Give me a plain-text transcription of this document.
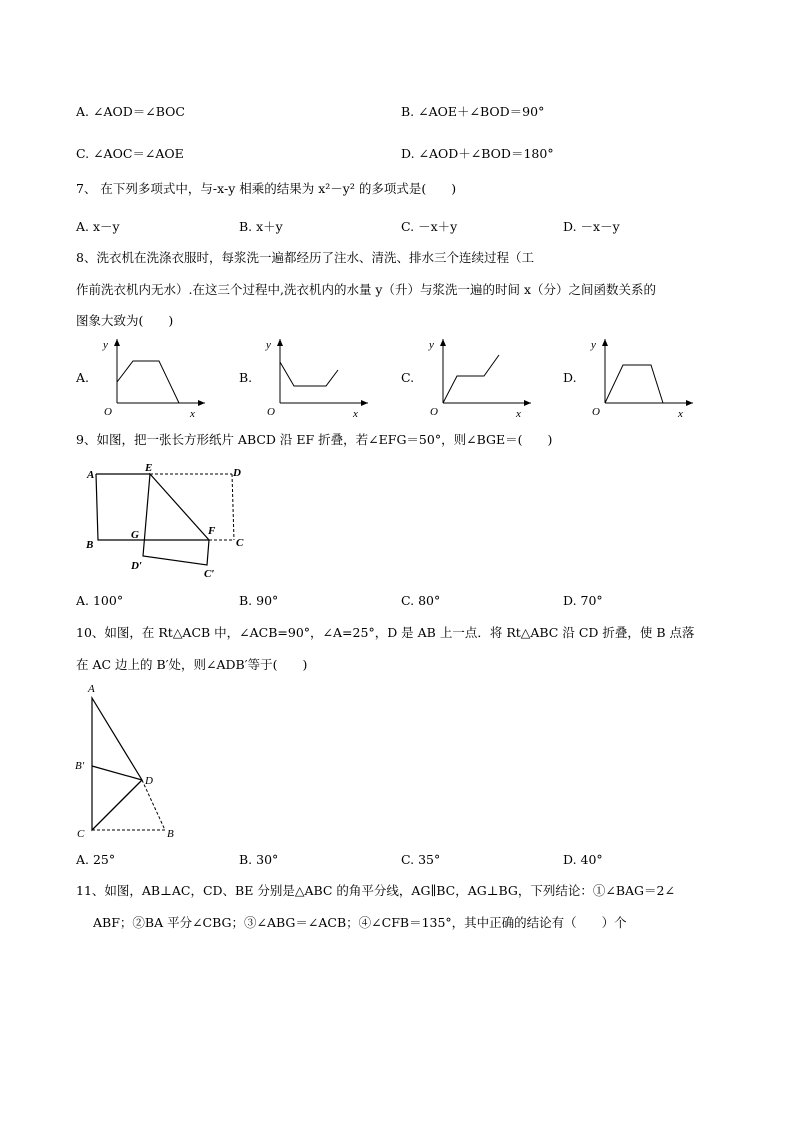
A. ∠AOD＝∠BOC	B. ∠AOE＋∠BOD＝90°
C. ∠AOC＝∠AOE	D. ∠AOD＋∠BOD＝180°
7、 在下列多项式中，与-x-y 相乘的结果为 x²－y² 的多项式是(　　)
A. x－y	B. x＋y	C. －x＋y	D. －x－y
8、洗衣机在洗涤衣服时，每浆洗一遍都经历了注水、清洗、排水三个连续过程（工
作前洗衣机内无水）.在这三个过程中,洗衣机内的水量 y（升）与浆洗一遍的时间 x（分）之间函数关系的
图象大致为(　　)
A.	B.	C.	D.
y
x
O
y
x
O
y
x
O
y
x
O
9、如图，把一张长方形纸片 ABCD 沿 EF 折叠，若∠EFG＝50°，则∠BGE＝(　　)
A
E	D
B
G	F
C
D′
C′
A. 100°	B. 90°	C. 80°	D. 70°
10、如图，在 Rt△ACB 中，∠ACB=90°，∠A=25°，D 是 AB 上一点．将 Rt△ABC 沿 CD 折叠，使 B 点落
在 AC 边上的 B′处，则∠ADB′等于(　　)
A
B′
D
C	B
A. 25°	B. 30°	C. 35°	D. 40°
11、如图，AB⊥AC，CD、BE 分别是△ABC 的角平分线，AG∥BC，AG⊥BG，下列结论：①∠BAG＝2∠
ABF；②BA 平分∠CBG；③∠ABG＝∠ACB；④∠CFB＝135°，其中正确的结论有（　　）个
